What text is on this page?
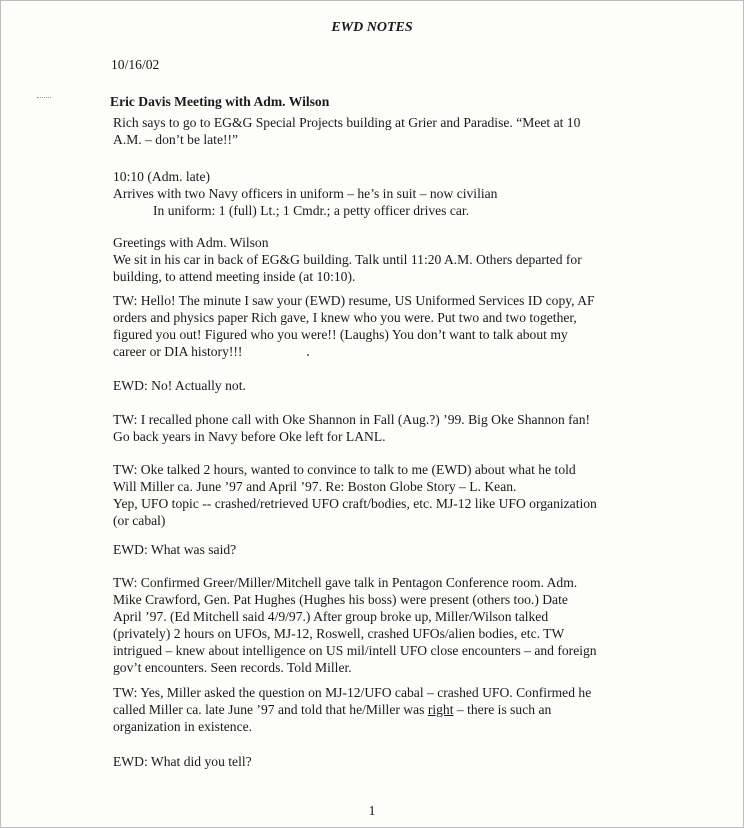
EWD NOTES
10/16/02
Eric Davis Meeting with Adm. Wilson
Rich says to go to EG&G Special Projects building at Grier and Paradise. “Meet at 10
A.M. – don’t be late!!”
10:10 (Adm. late)
Arrives with two Navy officers in uniform – he’s in suit – now civilian
In uniform: 1 (full) Lt.; 1 Cmdr.; a petty officer drives car.
Greetings with Adm. Wilson
We sit in his car in back of EG&G building. Talk until 11:20 A.M. Others departed for
building, to attend meeting inside (at 10:10).
TW: Hello! The minute I saw your (EWD) resume, US Uniformed Services ID copy, AF
orders and physics paper Rich gave, I knew who you were. Put two and two together,
figured you out! Figured who you were!! (Laughs) You don’t want to talk about my
career or DIA history!!!
EWD: No! Actually not.
TW: I recalled phone call with Oke Shannon in Fall (Aug.?) ’99. Big Oke Shannon fan!
Go back years in Navy before Oke left for LANL.
TW: Oke talked 2 hours, wanted to convince to talk to me (EWD) about what he told
Will Miller ca. June ’97 and April ’97. Re: Boston Globe Story – L. Kean.
Yep, UFO topic -- crashed/retrieved UFO craft/bodies, etc. MJ-12 like UFO organization
(or cabal)
EWD: What was said?
TW: Confirmed Greer/Miller/Mitchell gave talk in Pentagon Conference room. Adm.
Mike Crawford, Gen. Pat Hughes (Hughes his boss) were present (others too.) Date
April ’97. (Ed Mitchell said 4/9/97.) After group broke up, Miller/Wilson talked
(privately) 2 hours on UFOs, MJ-12, Roswell, crashed UFOs/alien bodies, etc. TW
intrigued – knew about intelligence on US mil/intell UFO close encounters – and foreign
gov’t encounters. Seen records. Told Miller.
TW: Yes, Miller asked the question on MJ-12/UFO cabal – crashed UFO. Confirmed he
called Miller ca. late June ’97 and told that he/Miller was right – there is such an
organization in existence.
EWD: What did you tell?
1
